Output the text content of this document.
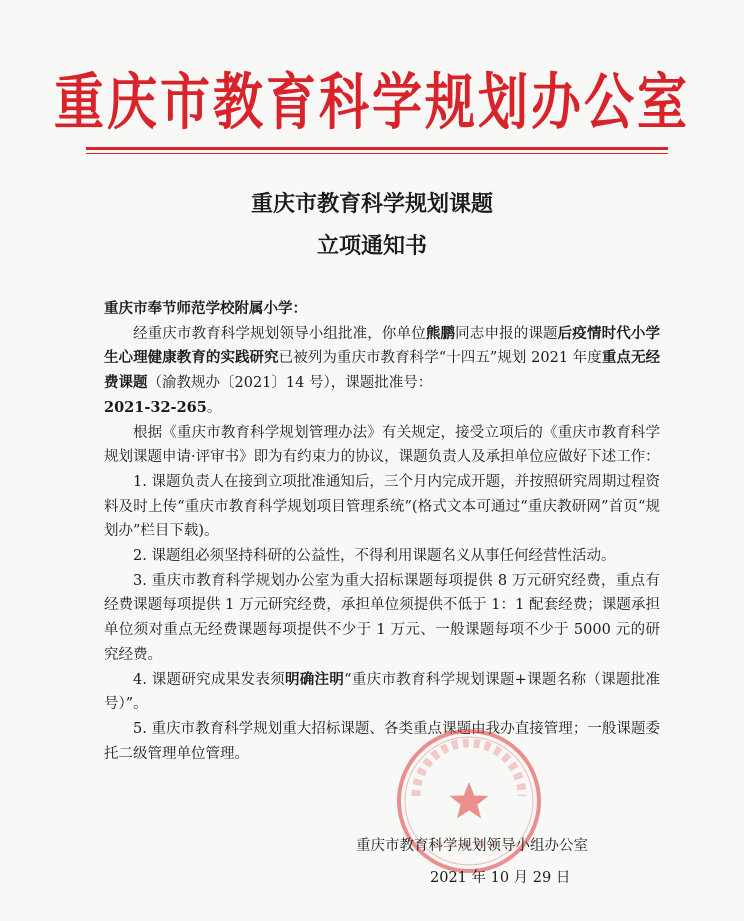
重庆市教育科学规划办公室
重庆市教育科学规划课题
立项通知书

重庆市奉节师范学校附属小学：

经重庆市教育科学规划领导小组批准，你单位熊鹏同志申报的课题后疫情时代小学生心理健康教育的实践研究已被列为重庆市教育科学“十四五”规划 2021 年度重点无经费课题（渝教规办〔2021〕14 号），课题批准号：
2021-32-265。

根据《重庆市教育科学规划管理办法》有关规定，接受立项后的《重庆市教育科学规划课题申请·评审书》即为有约束力的协议，课题负责人及承担单位应做好下述工作：

1. 课题负责人在接到立项批准通知后，三个月内完成开题，并按照研究周期过程资料及时上传“重庆市教育科学规划项目管理系统”(格式文本可通过“重庆教研网”首页“规划办”栏目下载)。

2. 课题组必须坚持科研的公益性，不得利用课题名义从事任何经营性活动。

3. 重庆市教育科学规划办公室为重大招标课题每项提供 8 万元研究经费，重点有经费课题每项提供 1 万元研究经费，承担单位须提供不低于 1：1 配套经费；课题承担单位须对重点无经费课题每项提供不少于 1 万元、一般课题每项不少于 5000 元的研究经费。

4. 课题研究成果发表须明确注明“重庆市教育科学规划课题+课题名称（课题批准号）”。

5. 重庆市教育科学规划重大招标课题、各类重点课题由我办直接管理；一般课题委托二级管理单位管理。

重庆市教育科学规划领导小组办公室
2021 年 10 月 29 日
